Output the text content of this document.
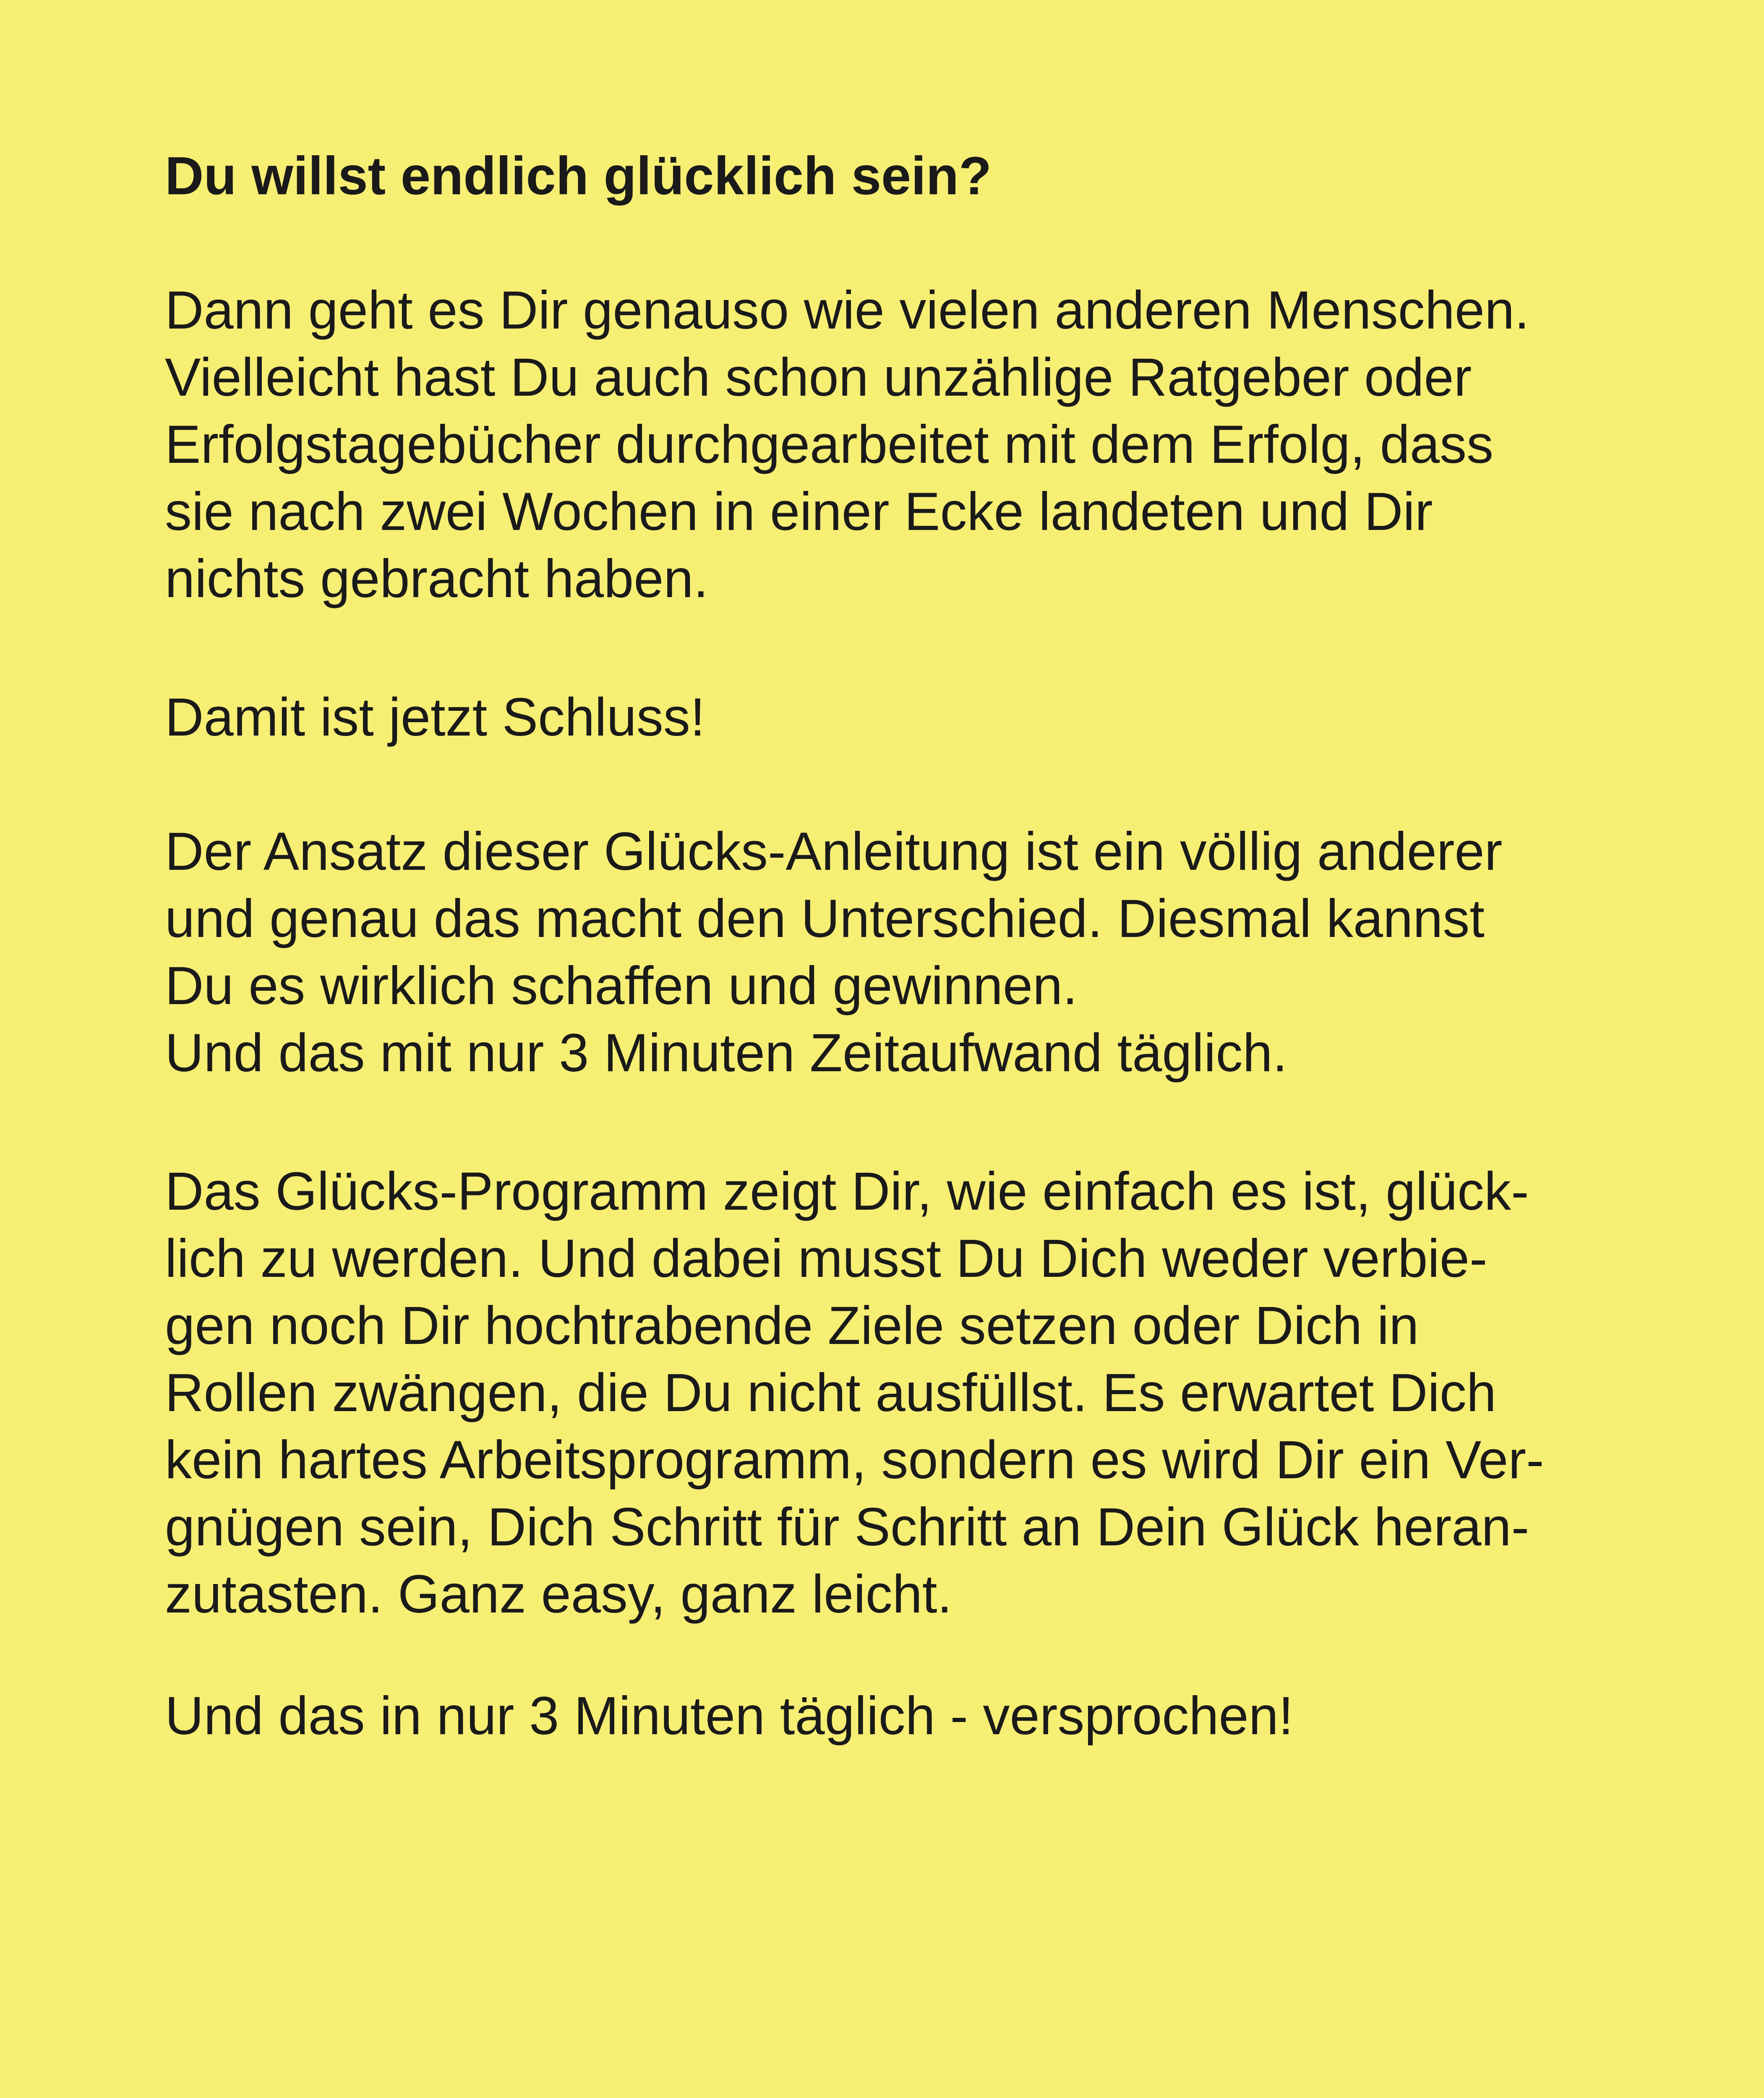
Du willst endlich glücklich sein?

Dann geht es Dir genauso wie vielen anderen Menschen.
Vielleicht hast Du auch schon unzählige Ratgeber oder
Erfolgstagebücher durchgearbeitet mit dem Erfolg, dass
sie nach zwei Wochen in einer Ecke landeten und Dir
nichts gebracht haben.

Damit ist jetzt Schluss!

Der Ansatz dieser Glücks-Anleitung ist ein völlig anderer
und genau das macht den Unterschied. Diesmal kannst
Du es wirklich schaffen und gewinnen.
Und das mit nur 3 Minuten Zeitaufwand täglich.

Das Glücks-Programm zeigt Dir, wie einfach es ist, glück-
lich zu werden. Und dabei musst Du Dich weder verbie-
gen noch Dir hochtrabende Ziele setzen oder Dich in
Rollen zwängen, die Du nicht ausfüllst. Es erwartet Dich
kein hartes Arbeitsprogramm, sondern es wird Dir ein Ver-
gnügen sein, Dich Schritt für Schritt an Dein Glück heran-
zutasten. Ganz easy, ganz leicht.

Und das in nur 3 Minuten täglich - versprochen!
